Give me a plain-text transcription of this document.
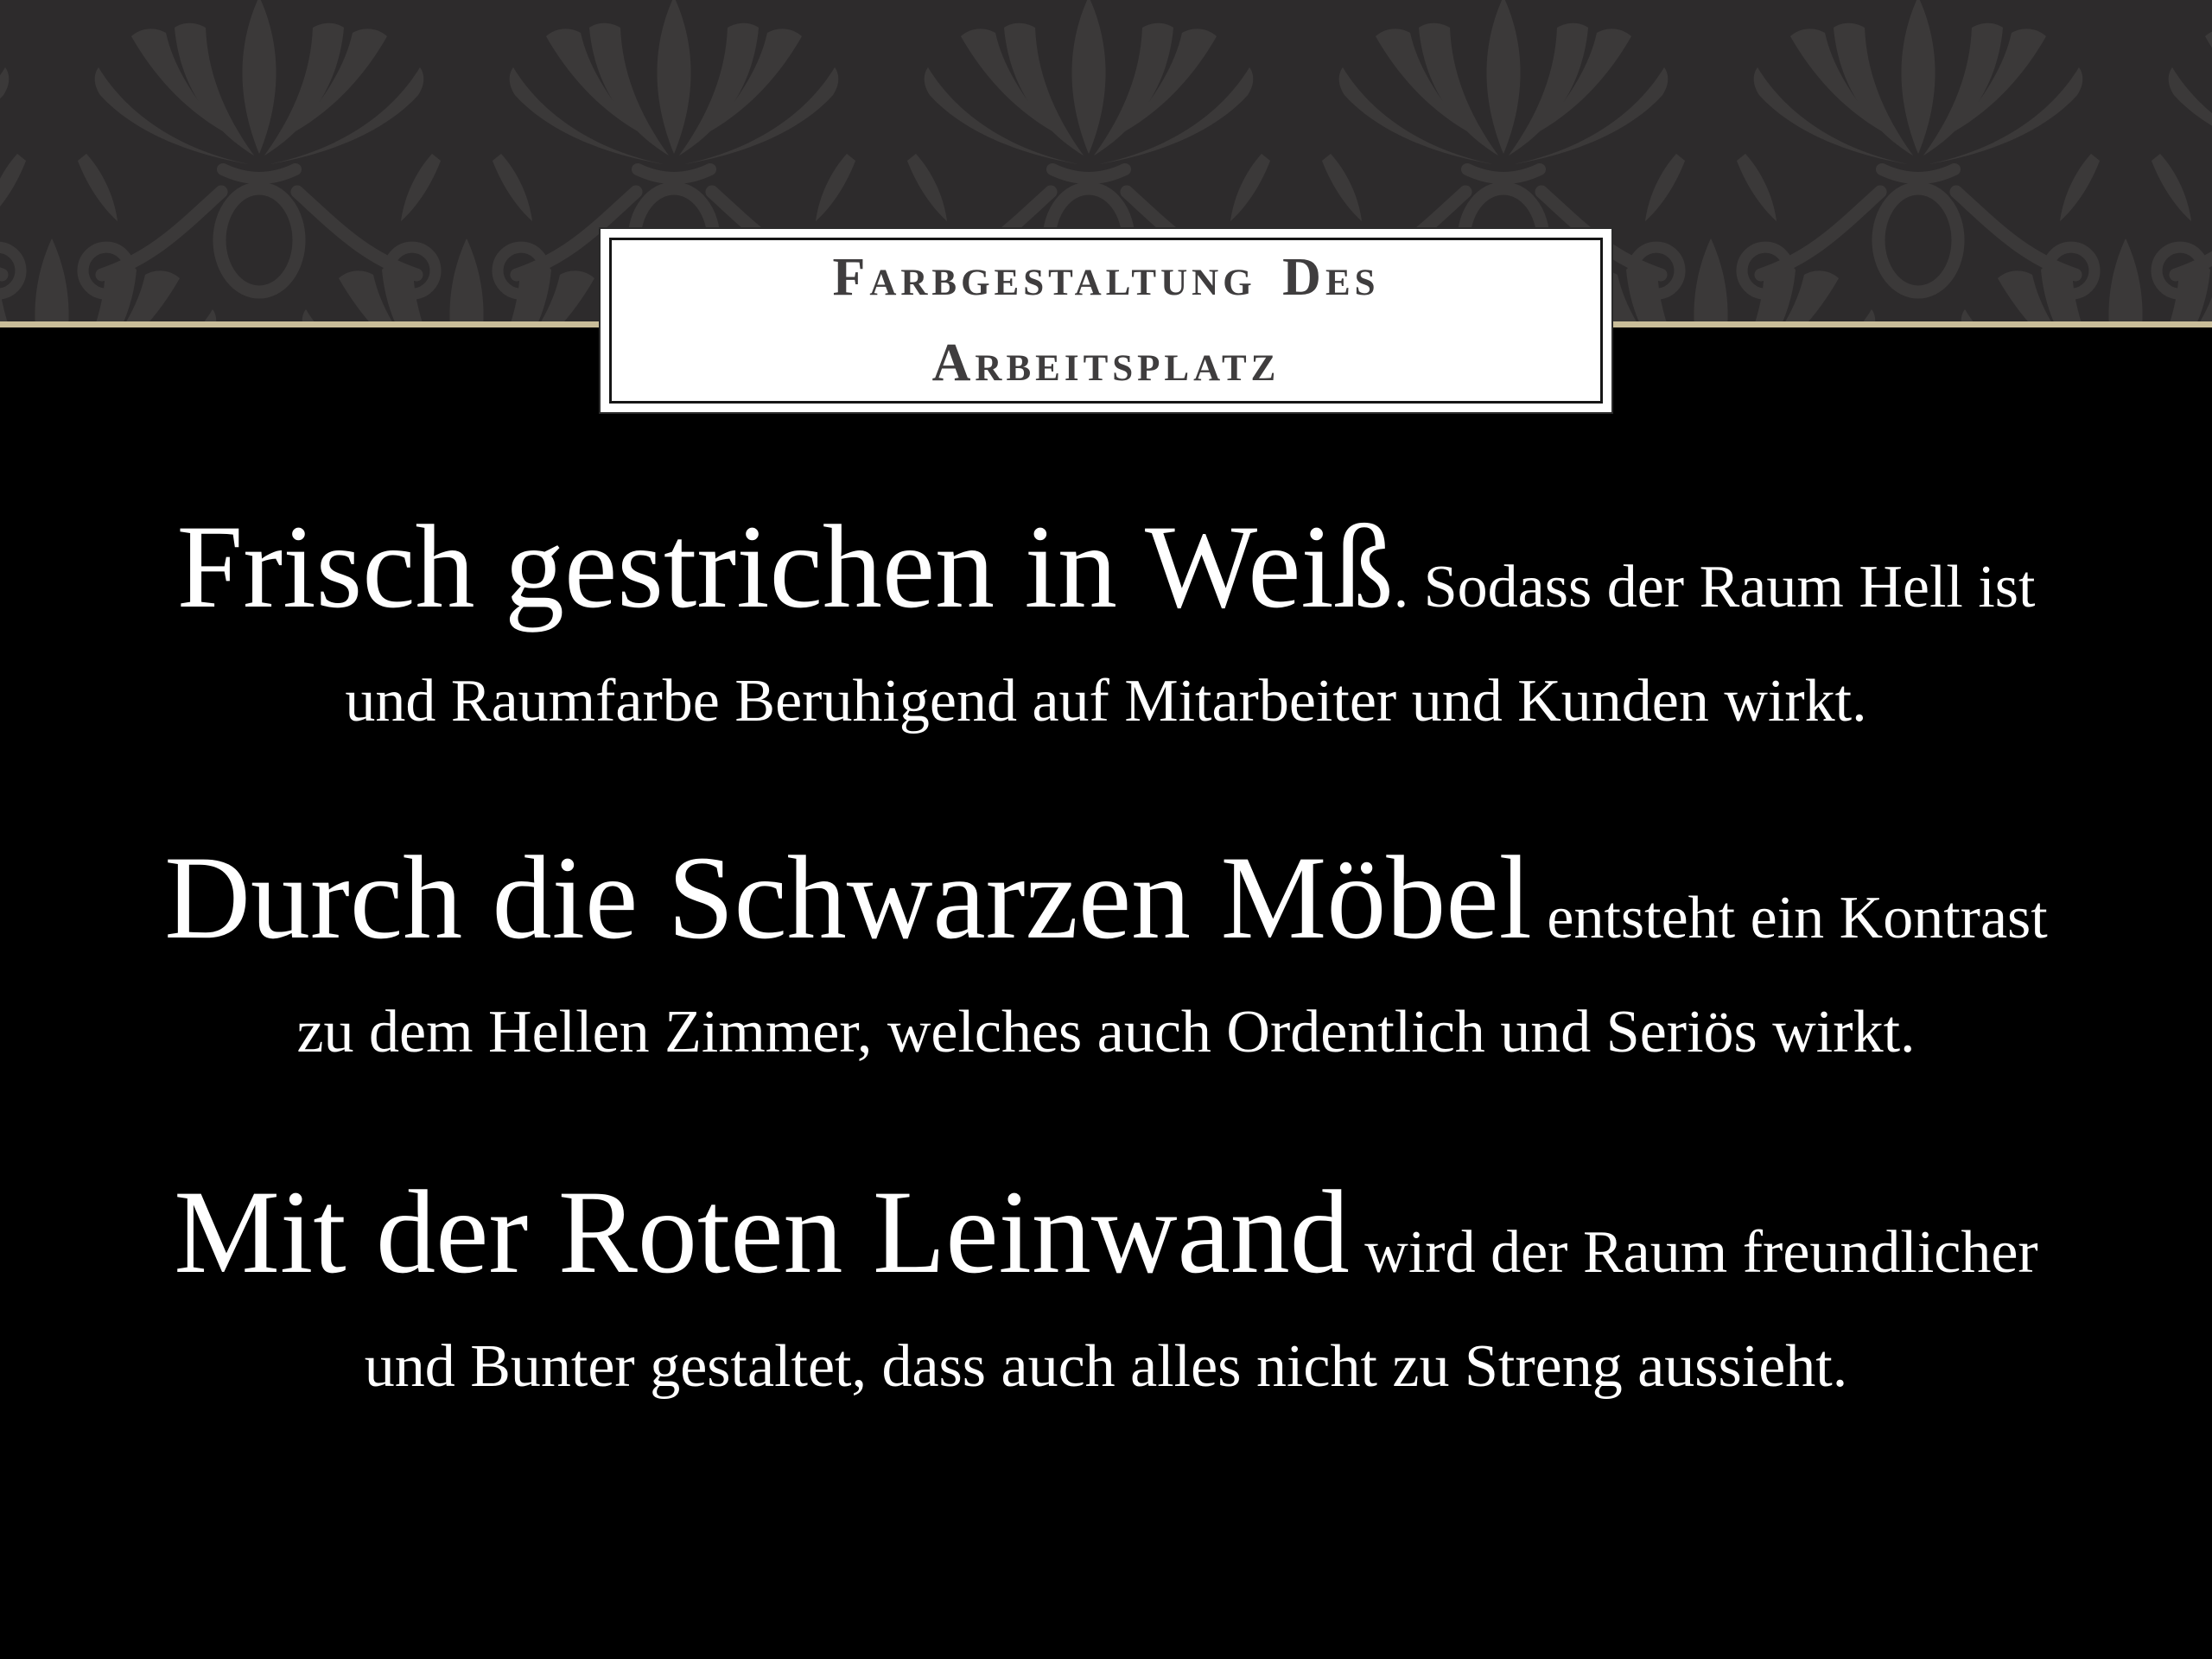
Farbgestaltung Des
Arbeitsplatz
Frisch gestrichen in Weiß. Sodass der Raum Hell ist
und Raumfarbe Beruhigend auf Mitarbeiter und Kunden wirkt.
Durch die Schwarzen Möbel entsteht ein Kontrast
zu dem Hellen Zimmer, welches auch Ordentlich und Seriös wirkt.
Mit der Roten Leinwand wird der Raum freundlicher
und Bunter gestaltet, dass auch alles nicht zu Streng aussieht.
